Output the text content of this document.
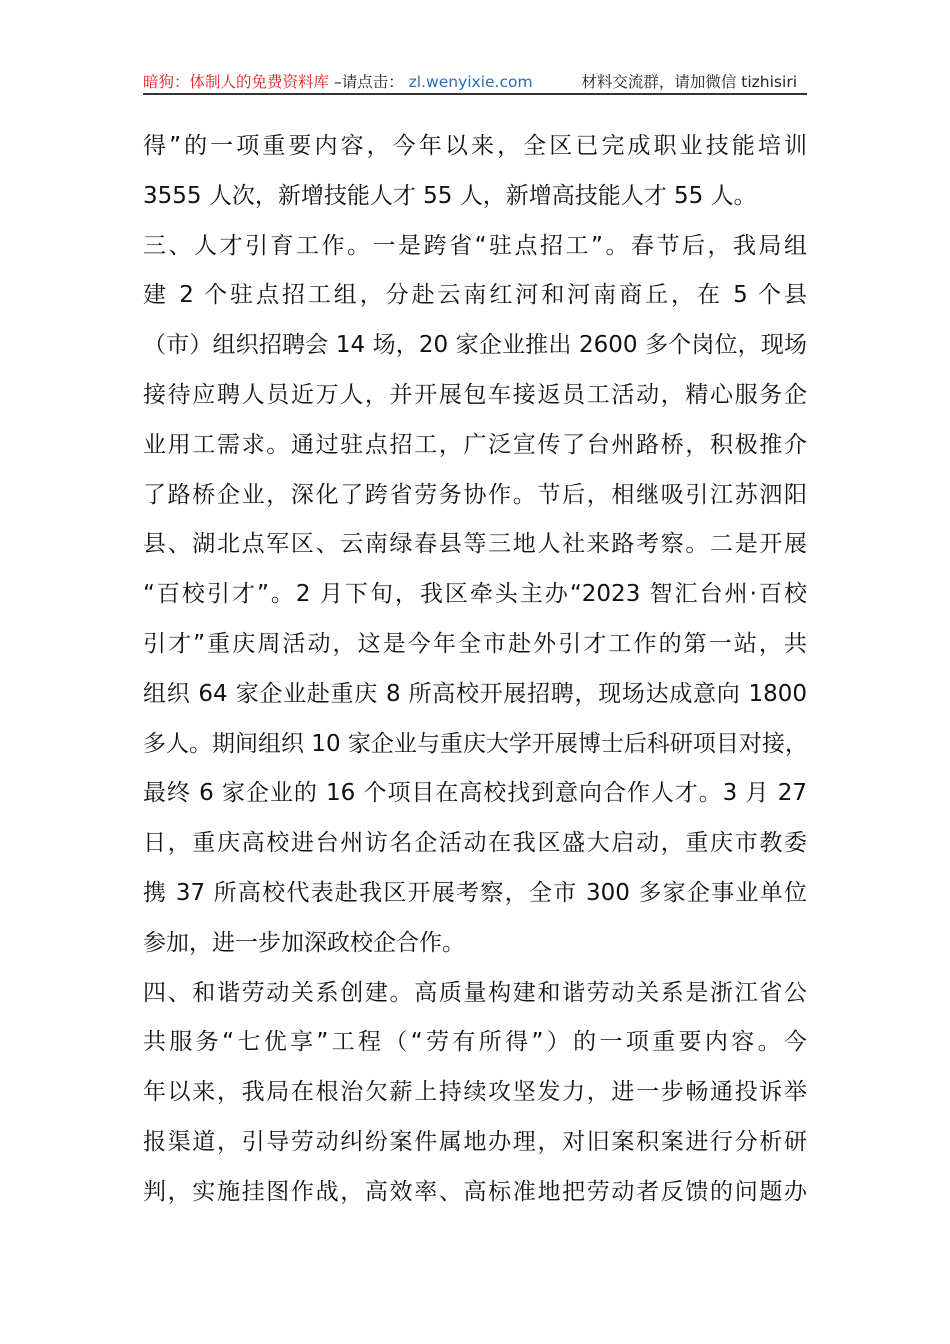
暗狗：体制人的免费资料库 –请点击： zl.wenyixie.com	材料交流群，请加微信 tizhisiri
得”的一项重要内容，今年以来，全区已完成职业技能培训
3555 人次，新增技能人才 55 人，新增高技能人才 55 人。
三、人才引育工作。一是跨省“驻点招工”。春节后，我局组
建 2 个驻点招工组，分赴云南红河和河南商丘，在 5 个县
（市）组织招聘会 14 场，20 家企业推出 2600 多个岗位，现场
接待应聘人员近万人，并开展包车接返员工活动，精心服务企
业用工需求。通过驻点招工，广泛宣传了台州路桥，积极推介
了路桥企业，深化了跨省劳务协作。节后，相继吸引江苏泗阳
县、湖北点军区、云南绿春县等三地人社来路考察。二是开展
“百校引才”。2 月下旬，我区牵头主办“2023 智汇台州·百校
引才”重庆周活动，这是今年全市赴外引才工作的第一站，共
组织 64 家企业赴重庆 8 所高校开展招聘，现场达成意向 1800
多人。期间组织 10 家企业与重庆大学开展博士后科研项目对接，
最终 6 家企业的 16 个项目在高校找到意向合作人才。3 月 27
日，重庆高校进台州访名企活动在我区盛大启动，重庆市教委
携 37 所高校代表赴我区开展考察，全市 300 多家企事业单位
参加，进一步加深政校企合作。
四、和谐劳动关系创建。高质量构建和谐劳动关系是浙江省公
共服务“七优享”工程（“劳有所得”）的一项重要内容。今
年以来，我局在根治欠薪上持续攻坚发力，进一步畅通投诉举
报渠道，引导劳动纠纷案件属地办理，对旧案积案进行分析研
判，实施挂图作战，高效率、高标准地把劳动者反馈的问题办
